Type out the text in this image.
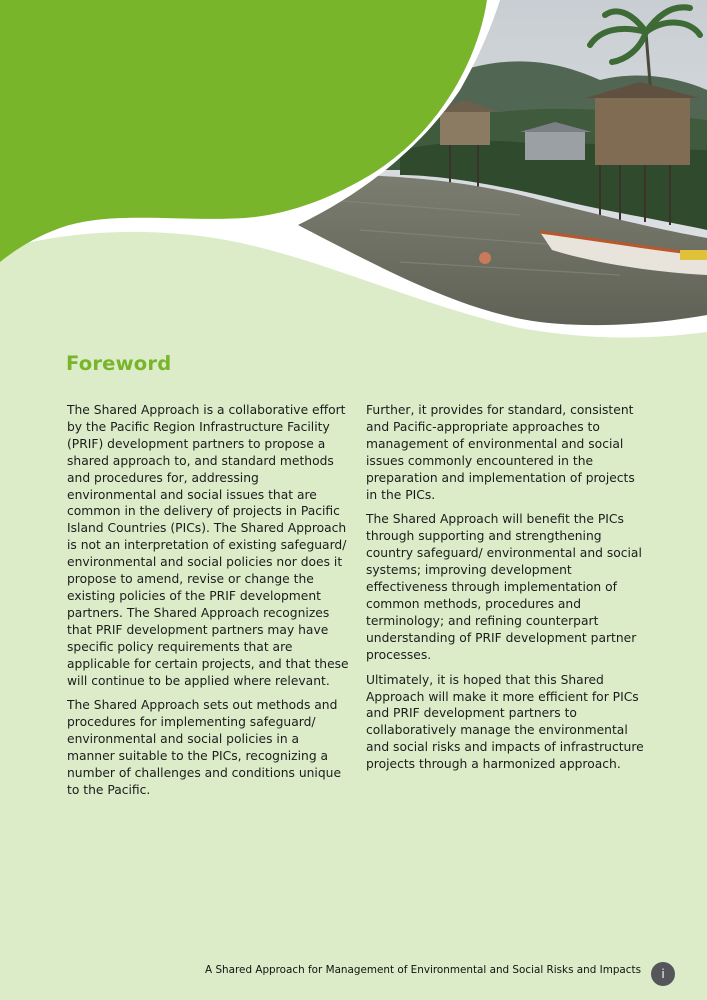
Foreword

The Shared Approach is a collaborative effort by the Pacific Region Infrastructure Facility (PRIF) development partners to propose a shared approach to, and standard methods and procedures for, addressing environmental and social issues that are common in the delivery of projects in Pacific Island Countries (PICs). The Shared Approach is not an interpretation of existing safeguard/ environmental and social policies nor does it propose to amend, revise or change the existing policies of the PRIF development partners. The Shared Approach recognizes that PRIF development partners may have specific policy requirements that are applicable for certain projects, and that these will continue to be applied where relevant.

The Shared Approach sets out methods and procedures for implementing safeguard/ environmental and social policies in a manner suitable to the PICs, recognizing a number of challenges and conditions unique to the Pacific.

Further, it provides for standard, consistent and Pacific-appropriate approaches to management of environmental and social issues commonly encountered in the preparation and implementation of projects in the PICs.

The Shared Approach will benefit the PICs through supporting and strengthening country safeguard/ environmental and social systems; improving development effectiveness through implementation of common methods, procedures and terminology; and refining counterpart understanding of PRIF development partner processes.

Ultimately, it is hoped that this Shared Approach will make it more efficient for PICs and PRIF development partners to collaboratively manage the environmental and social risks and impacts of infrastructure projects through a harmonized approach.

A Shared Approach for Management of Environmental and Social Risks and Impacts	i
